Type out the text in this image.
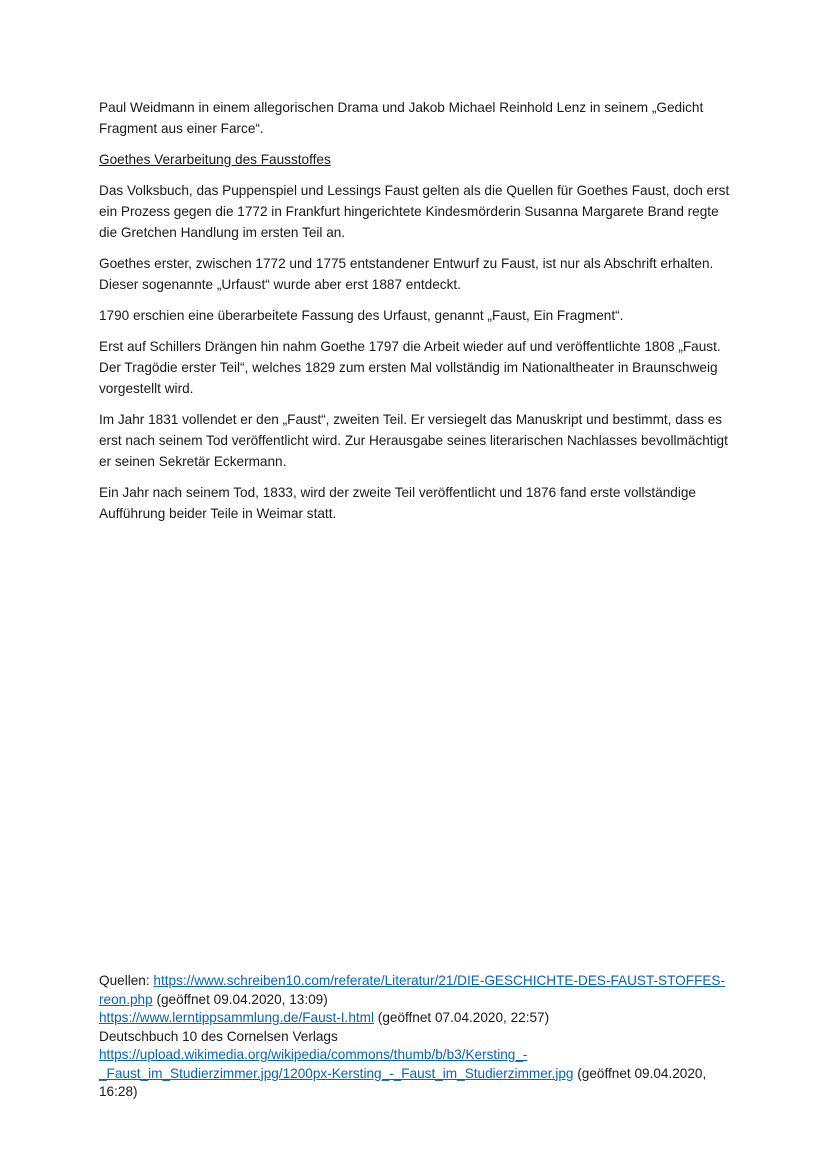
Paul Weidmann in einem allegorischen Drama und Jakob Michael Reinhold Lenz in seinem „Gedicht Fragment aus einer Farce“.

Goethes Verarbeitung des Fausstoffes

Das Volksbuch, das Puppenspiel und Lessings Faust gelten als die Quellen für Goethes Faust, doch erst ein Prozess gegen die 1772 in Frankfurt hingerichtete Kindesmörderin Susanna Margarete Brand regte die Gretchen Handlung im ersten Teil an.

Goethes erster, zwischen 1772 und 1775 entstandener Entwurf zu Faust, ist nur als Abschrift erhalten. Dieser sogenannte „Urfaust“ wurde aber erst 1887 entdeckt.

1790 erschien eine überarbeitete Fassung des Urfaust, genannt „Faust, Ein Fragment“.

Erst auf Schillers Drängen hin nahm Goethe 1797 die Arbeit wieder auf und veröffentlichte 1808 „Faust. Der Tragödie erster Teil“, welches 1829 zum ersten Mal vollständig im Nationaltheater in Braunschweig vorgestellt wird.

Im Jahr 1831 vollendet er den „Faust“, zweiten Teil. Er versiegelt das Manuskript und bestimmt, dass es erst nach seinem Tod veröffentlicht wird. Zur Herausgabe seines literarischen Nachlasses bevollmächtigt er seinen Sekretär Eckermann.

Ein Jahr nach seinem Tod, 1833, wird der zweite Teil veröffentlicht und 1876 fand erste vollständige Aufführung beider Teile in Weimar statt.

Quellen: https://www.schreiben10.com/referate/Literatur/21/DIE-GESCHICHTE-DES-FAUST-STOFFES-reon.php (geöffnet 09.04.2020, 13:09)
https://www.lerntippsammlung.de/Faust-I.html (geöffnet 07.04.2020, 22:57)
Deutschbuch 10 des Cornelsen Verlags
https://upload.wikimedia.org/wikipedia/commons/thumb/b/b3/Kersting_-_Faust_im_Studierzimmer.jpg/1200px-Kersting_-_Faust_im_Studierzimmer.jpg (geöffnet 09.04.2020, 16:28)
